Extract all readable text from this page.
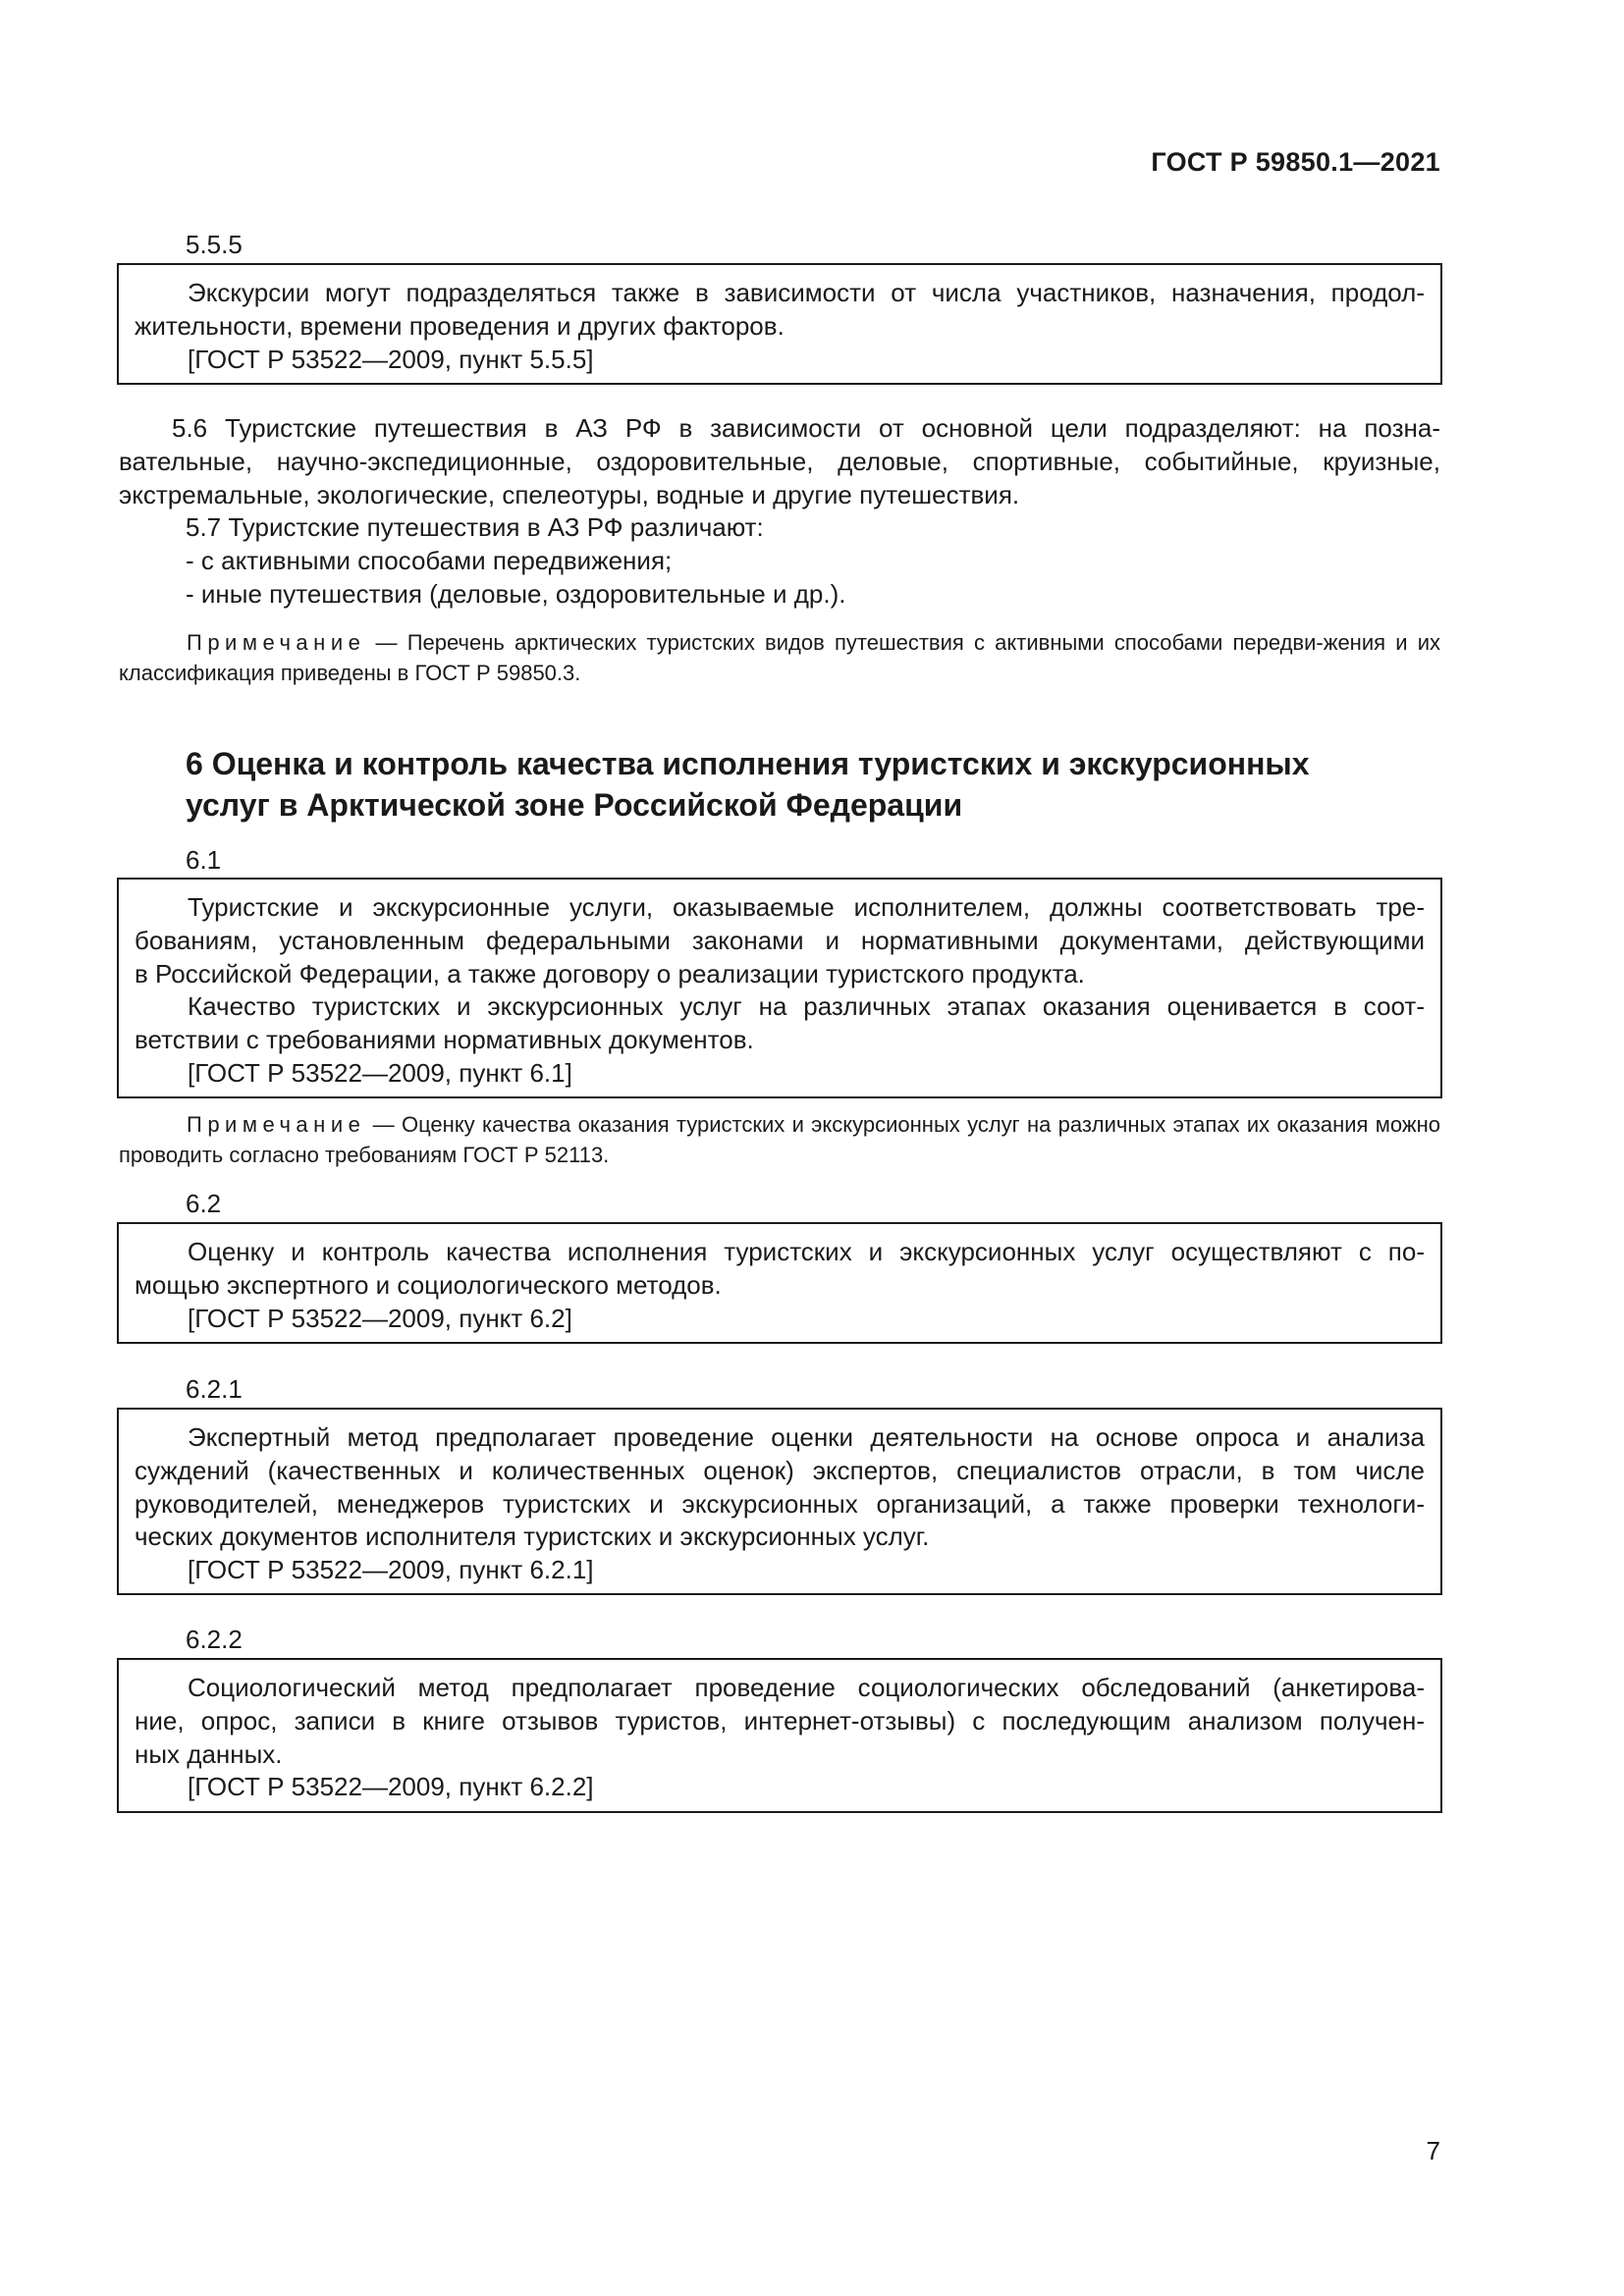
ГОСТ Р 59850.1—2021
5.5.5

Экскурсии могут подразделяться также в зависимости от числа участников, назначения, продол-

жительности, времени проведения и других факторов.

[ГОСТ Р 53522—2009, пункт 5.5.5]

5.6 Туристские путешествия в АЗ РФ в зависимости от основной цели подразделяют: на позна-

вательные, научно-экспедиционные, оздоровительные, деловые, спортивные, событийные, круизные,

экстремальные, экологические, спелеотуры, водные и другие путешествия.

5.7 Туристские путешествия в АЗ РФ различают:

- с активными способами передвижения;

- иные путешествия (деловые, оздоровительные и др.).

Примечание — Перечень арктических туристских видов путешествия с активными способами передви-жения и их классификация приведены в ГОСТ Р 59850.3.

6 Оценка и контроль качества исполнения туристских и экскурсионных
услуг в Арктической зоне Российской Федерации
6.1

Туристские и экскурсионные услуги, оказываемые исполнителем, должны соответствовать тре-

бованиям, установленным федеральными законами и нормативными документами, действующими

в Российской Федерации, а также договору о реализации туристского продукта.

Качество туристских и экскурсионных услуг на различных этапах оказания оценивается в соот-

ветствии с требованиями нормативных документов.

[ГОСТ Р 53522—2009, пункт 6.1]

Примечание — Оценку качества оказания туристских и экскурсионных услуг на различных этапах их оказания можно проводить согласно требованиям ГОСТ Р 52113.

6.2

Оценку и контроль качества исполнения туристских и экскурсионных услуг осуществляют с по-

мощью экспертного и социологического методов.

[ГОСТ Р 53522—2009, пункт 6.2]

6.2.1

Экспертный метод предполагает проведение оценки деятельности на основе опроса и анализа

суждений (качественных и количественных оценок) экспертов, специалистов отрасли, в том числе

руководителей, менеджеров туристских и экскурсионных организаций, а также проверки технологи-

ческих документов исполнителя туристских и экскурсионных услуг.

[ГОСТ Р 53522—2009, пункт 6.2.1]

6.2.2

Социологический метод предполагает проведение социологических обследований (анкетирова-

ние, опрос, записи в книге отзывов туристов, интернет-отзывы) с последующим анализом получен-

ных данных.

[ГОСТ Р 53522—2009, пункт 6.2.2]

7
